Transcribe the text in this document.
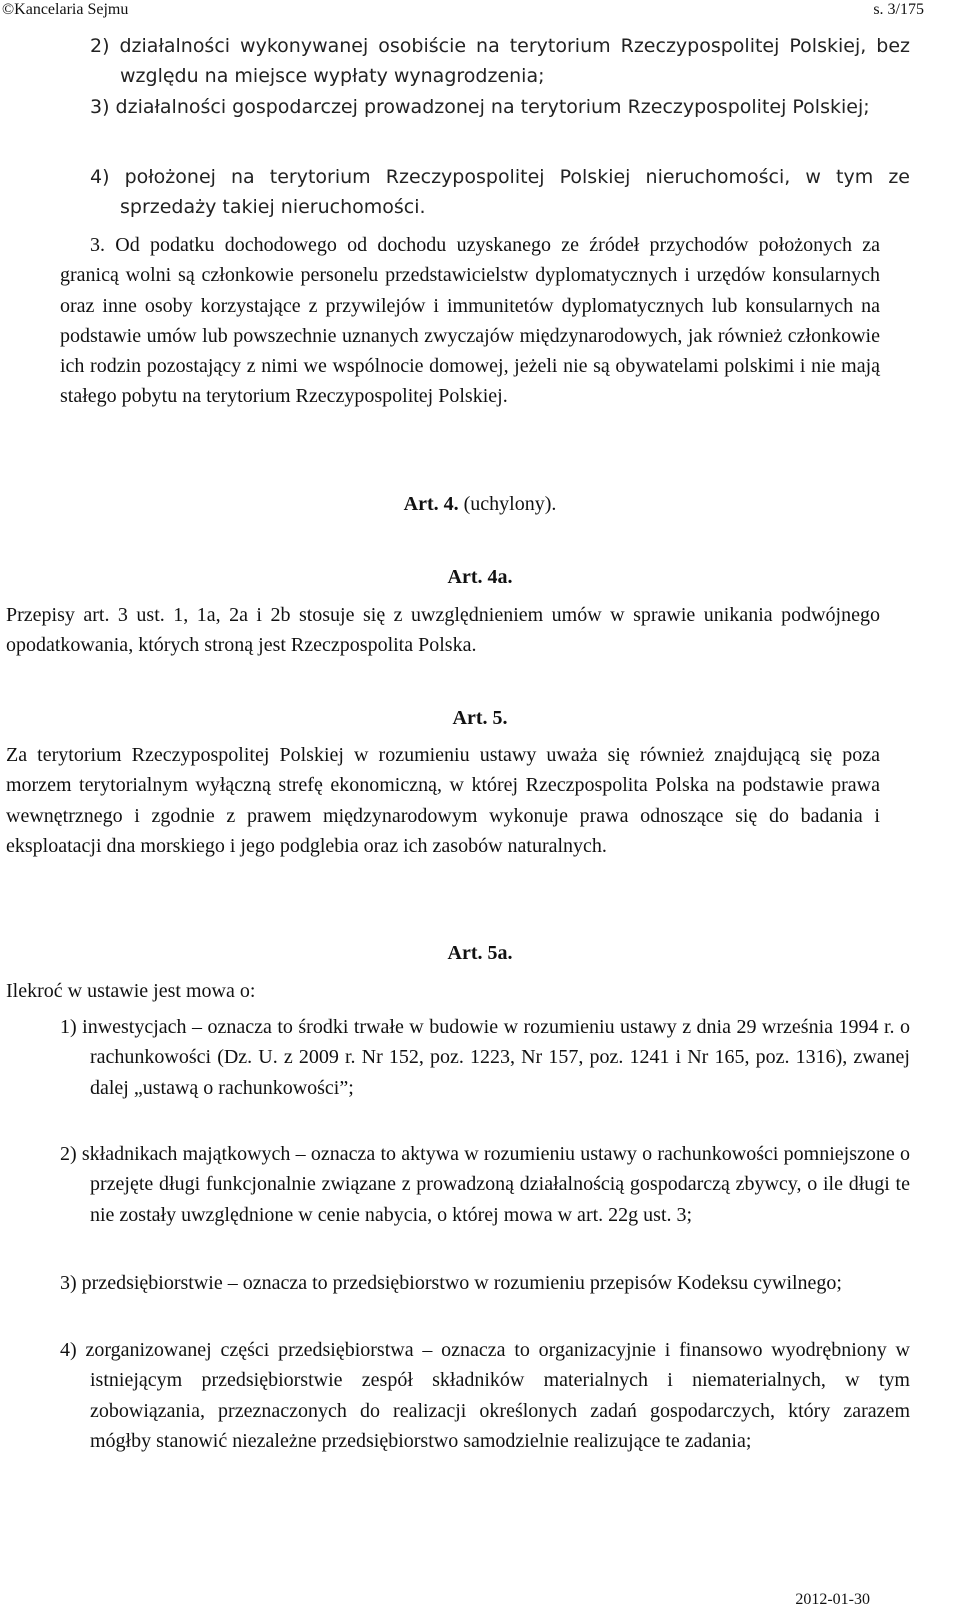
©Kancelaria Sejmu	s. 3/175
2) działalności wykonywanej osobiście na terytorium Rzeczypospolitej Polskiej, bez względu na miejsce wypłaty wynagrodzenia;
3) działalności gospodarczej prowadzonej na terytorium Rzeczypospolitej Polskiej;
4) położonej na terytorium Rzeczypospolitej Polskiej nieruchomości, w tym ze sprzedaży takiej nieruchomości.
3. Od podatku dochodowego od dochodu uzyskanego ze źródeł przychodów położonych za granicą wolni są członkowie personelu przedstawicielstw dyplomatycznych i urzędów konsularnych oraz inne osoby korzystające z przywilejów i immunitetów dyplomatycznych lub konsularnych na podstawie umów lub powszechnie uznanych zwyczajów międzynarodowych, jak również członkowie ich rodzin pozostający z nimi we wspólnocie domowej, jeżeli nie są obywatelami polskimi i nie mają stałego pobytu na terytorium Rzeczypospolitej Polskiej.
Art. 4. (uchylony).
Art. 4a.
Przepisy art. 3 ust. 1, 1a, 2a i 2b stosuje się z uwzględnieniem umów w sprawie unikania podwójnego opodatkowania, których stroną jest Rzeczpospolita Polska.
Art. 5.
Za terytorium Rzeczypospolitej Polskiej w rozumieniu ustawy uważa się również znajdującą się poza morzem terytorialnym wyłączną strefę ekonomiczną, w której Rzeczpospolita Polska na podstawie prawa wewnętrznego i zgodnie z prawem międzynarodowym wykonuje prawa odnoszące się do badania i eksploatacji dna morskiego i jego podglebia oraz ich zasobów naturalnych.
Art. 5a.
Ilekroć w ustawie jest mowa o:
1) inwestycjach – oznacza to środki trwałe w budowie w rozumieniu ustawy z dnia 29 września 1994 r. o rachunkowości (Dz. U. z 2009 r. Nr 152, poz. 1223, Nr 157, poz. 1241 i Nr 165, poz. 1316), zwanej dalej „ustawą o rachunkowości”;
2) składnikach majątkowych – oznacza to aktywa w rozumieniu ustawy o rachunkowości pomniejszone o przejęte długi funkcjonalnie związane z prowadzoną działalnością gospodarczą zbywcy, o ile długi te nie zostały uwzględnione w cenie nabycia, o której mowa w art. 22g ust. 3;
3) przedsiębiorstwie – oznacza to przedsiębiorstwo w rozumieniu przepisów Kodeksu cywilnego;
4) zorganizowanej części przedsiębiorstwa – oznacza to organizacyjnie i finansowo wyodrębniony w istniejącym przedsiębiorstwie zespół składników materialnych i niematerialnych, w tym zobowiązania, przeznaczonych do realizacji określonych zadań gospodarczych, który zarazem mógłby stanowić niezależne przedsiębiorstwo samodzielnie realizujące te zadania;
2012-01-30
